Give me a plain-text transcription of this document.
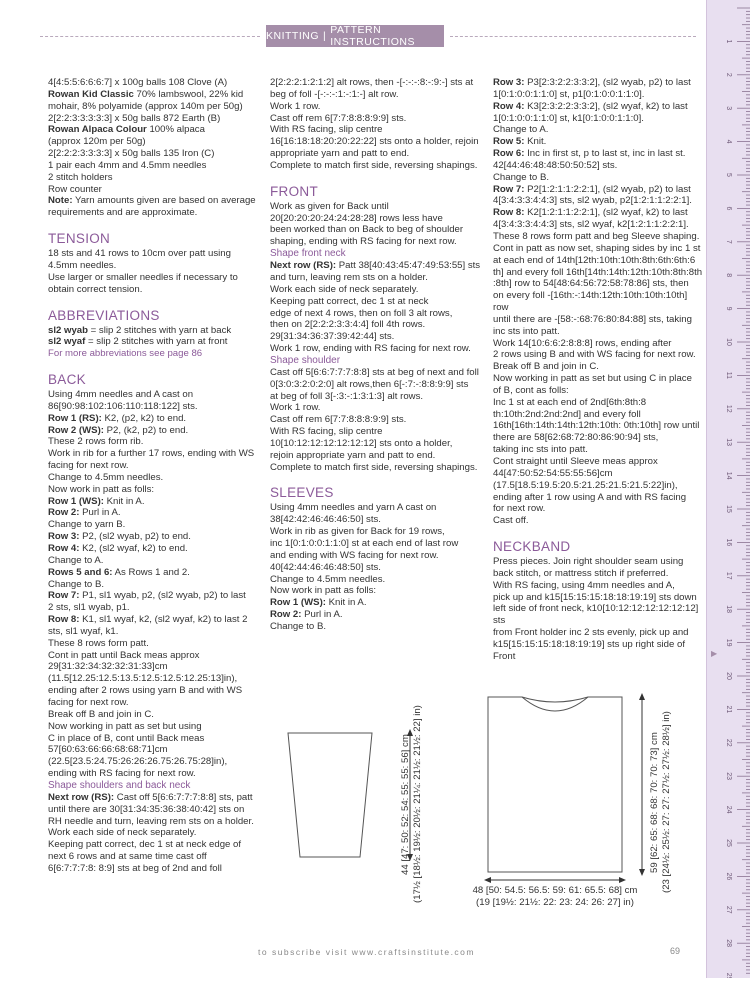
KNITTING | PATTERN INSTRUCTIONS

4[4:5:5:6:6:6:7] x 100g balls 108 Clove (A)

Rowan Kid Classic 70% lambswool, 22% kid

mohair, 8% polyamide (approx 140m per 50g)

2[2:2:3:3:3:3:3] x 50g balls 872 Earth (B)

Rowan Alpaca Colour 100% alpaca

(approx 120m per 50g)

2[2:2:2:3:3:3:3] x 50g balls 135 Iron (C)

1 pair each 4mm and 4.5mm needles

2 stitch holders

Row counter

Note: Yarn amounts given are based on average requirements and are approximate.

TENSION

18 sts and 41 rows to 10cm over patt using

4.5mm needles.

Use larger or smaller needles if necessary to

obtain correct tension.

ABBREVIATIONS

sl2 wyab = slip 2 stitches with yarn at back

sl2 wyaf = slip 2 stitches with yarn at front

For more abbreviations see page 86

BACK

Using 4mm needles and A cast on

86[90:98:102:106:110:118:122] sts.

Row 1 (RS): K2, (p2, k2) to end.

Row 2 (WS): P2, (k2, p2) to end.

These 2 rows form rib.

Work in rib for a further 17 rows, ending with WS

facing for next row.

Change to 4.5mm needles.

Now work in patt as folls:

Row 1 (WS): Knit in A.

Row 2: Purl in A.

Change to yarn B.

Row 3: P2, (sl2 wyab, p2) to end.

Row 4: K2, (sl2 wyaf, k2) to end.

Change to A.

Rows 5 and 6: As Rows 1 and 2.

Change to B.

Row 7: P1, sl1 wyab, p2, (sl2 wyab, p2) to last

2 sts, sl1 wyab, p1.

Row 8: K1, sl1 wyaf, k2, (sl2 wyaf, k2) to last 2

sts, sl1 wyaf, k1.

These 8 rows form patt.

Cont in patt until Back meas approx

29[31:32:34:32:32:31:33]cm

(11.5[12.25:12.5:13.5:12.5:12.5:12.25:13]in),

ending after 2 rows using yarn B and with WS

facing for next row.

Break off B and join in C.

Now working in patt as set but using

C in place of B, cont until Back meas

57[60:63:66:66:68:68:71]cm

(22.5[23.5:24.75:26:26:26.75:26.75:28]in),

ending with RS facing for next row.

Shape shoulders and back neck

Next row (RS): Cast off 5[6:6:7:7:7:8:8] sts, patt

until there are 30[31:34:35:36:38:40:42] sts on

RH needle and turn, leaving rem sts on a holder.

Work each side of neck separately.

Keeping patt correct, dec 1 st at neck edge of

next 6 rows and at same time cast off

6[6:7:7:7:8: 8:9] sts at beg of 2nd and foll

2[2:2:2:1:2:1:2] alt rows, then -[-:-:-:8:-:9:-] sts at

beg of foll -[-:-:-:1:-:1:-] alt row.

Work 1 row.

Cast off rem 6[7:7:8:8:8:9:9] sts.

With RS facing, slip centre

16[16:18:18:20:20:22:22] sts onto a holder, rejoin

appropriate yarn and patt to end.

Complete to match first side, reversing shapings.

FRONT

Work as given for Back until

20[20:20:20:24:24:28:28] rows less have

been worked than on Back to beg of shoulder

shaping, ending with RS facing for next row.

Shape front neck

Next row (RS): Patt 38[40:43:45:47:49:53:55] sts

and turn, leaving rem sts on a holder.

Work each side of neck separately.

Keeping patt correct, dec 1 st at neck

edge of next 4 rows, then on foll 3 alt rows,

then on 2[2:2:2:3:3:4:4] foll 4th rows.

29[31:34:36:37:39:42:44] sts.

Work 1 row, ending with RS facing for next row.

Shape shoulder

Cast off 5[6:6:7:7:7:8:8] sts at beg of next and foll

0[3:0:3:2:0:2:0] alt rows,then 6[-:7:-:8:8:9:9] sts

at beg of foll 3[-:3:-:1:3:1:3] alt rows.

Work 1 row.

Cast off rem 6[7:7:8:8:8:9:9] sts.

With RS facing, slip centre

10[10:12:12:12:12:12:12] sts onto a holder,

rejoin appropriate yarn and patt to end.

Complete to match first side, reversing shapings.

SLEEVES

Using 4mm needles and yarn A cast on

38[42:42:46:46:46:50] sts.

Work in rib as given for Back for 19 rows,

inc 1[0:1:0:0:1:1:0] st at each end of last row

and ending with WS facing for next row.

40[42:44:46:46:48:50] sts.

Change to 4.5mm needles.

Now work in patt as folls:

Row 1 (WS): Knit in A.

Row 2: Purl in A.

Change to B.

Row 3: P3[2:3:2:2:3:3:2], (sl2 wyab, p2) to last

1[0:1:0:0:1:1:0] st, p1[0:1:0:0:1:1:0].

Row 4: K3[2:3:2:2:3:3:2], (sl2 wyaf, k2) to last

1[0:1:0:0:1:1:0] st, k1[0:1:0:0:1:1:0].

Change to A.

Row 5: Knit.

Row 6: Inc in first st, p to last st, inc in last st.

42[44:46:48:48:50:50:52] sts.

Change to B.

Row 7: P2[1:2:1:1:2:2:1], (sl2 wyab, p2) to last

4[3:4:3:3:4:4:3] sts, sl2 wyab, p2[1:2:1:1:2:2:1].

Row 8: K2[1:2:1:1:2:2:1], (sl2 wyaf, k2) to last

4[3:4:3:3:4:4:3] sts, sl2 wyaf, k2[1:2:1:1:2:2:1].

These 8 rows form patt and beg Sleeve shaping.

Cont in patt as now set, shaping sides by inc 1 st

at each end of 14th[12th:10th:10th:8th:6th:6th:6

th] and every foll 16th[14th:14th:12th:10th:8th:8th

:8th] row to 54[48:64:56:72:58:78:86] sts, then

on every foll -[16th:-:14th:12th:10th:10th:10th] row

until there are -[58:-:68:76:80:84:88] sts, taking

inc sts into patt.

Work 14[10:6:6:2:8:8:8] rows, ending after

2 rows using B and with WS facing for next row.

Break off B and join in C.

Now working in patt as set but using C in place

of B, cont as folls:

Inc 1 st at each end of 2nd[6th:8th:8

th:10th:2nd:2nd:2nd] and every foll

16th[16th:14th:14th:12th:10th: 0th:10th] row until

there are 58[62:68:72:80:86:90:94] sts,

taking inc sts into patt.

Cont straight until Sleeve meas approx

44[47:50:52:54:55:55:56]cm

(17.5[18.5:19.5:20.5:21.25:21.5:21.5:22]in),

ending after 1 row using A and with RS facing

for next row.

Cast off.

NECKBAND

Press pieces. Join right shoulder seam using

back stitch, or mattress stitch if preferred.

With RS facing, using 4mm needles and A,

pick up and k15[15:15:15:18:18:19:19] sts down

left side of front neck, k10[10:12:12:12:12:12:12] sts

from Front holder inc 2 sts evenly, pick up and

k15[15:15:15:18:18:19:19] sts up right side of Front

44 [47: 50: 52: 54: 55: 55: 56] cm (17½ [18½: 19½: 20½: 21¼: 21½: 21½: 22] in)	59 [62: 65: 68: 68: 70: 70: 73] cm (23 [24½: 25½: 27: 27: 27½: 27½: 28½] in)
48 [50: 54.5: 56.5: 59: 61: 65.5: 68] cm
(19 [19½: 21½: 22: 23: 24: 26: 27] in)
1
2
3
4
5
6
7
8
9
10
11
12
13
14
15
16
17
18
19
20
21
22
23
24
25
26
27
28
29
▶
to subscribe visit www.craftsinstitute.com	69
